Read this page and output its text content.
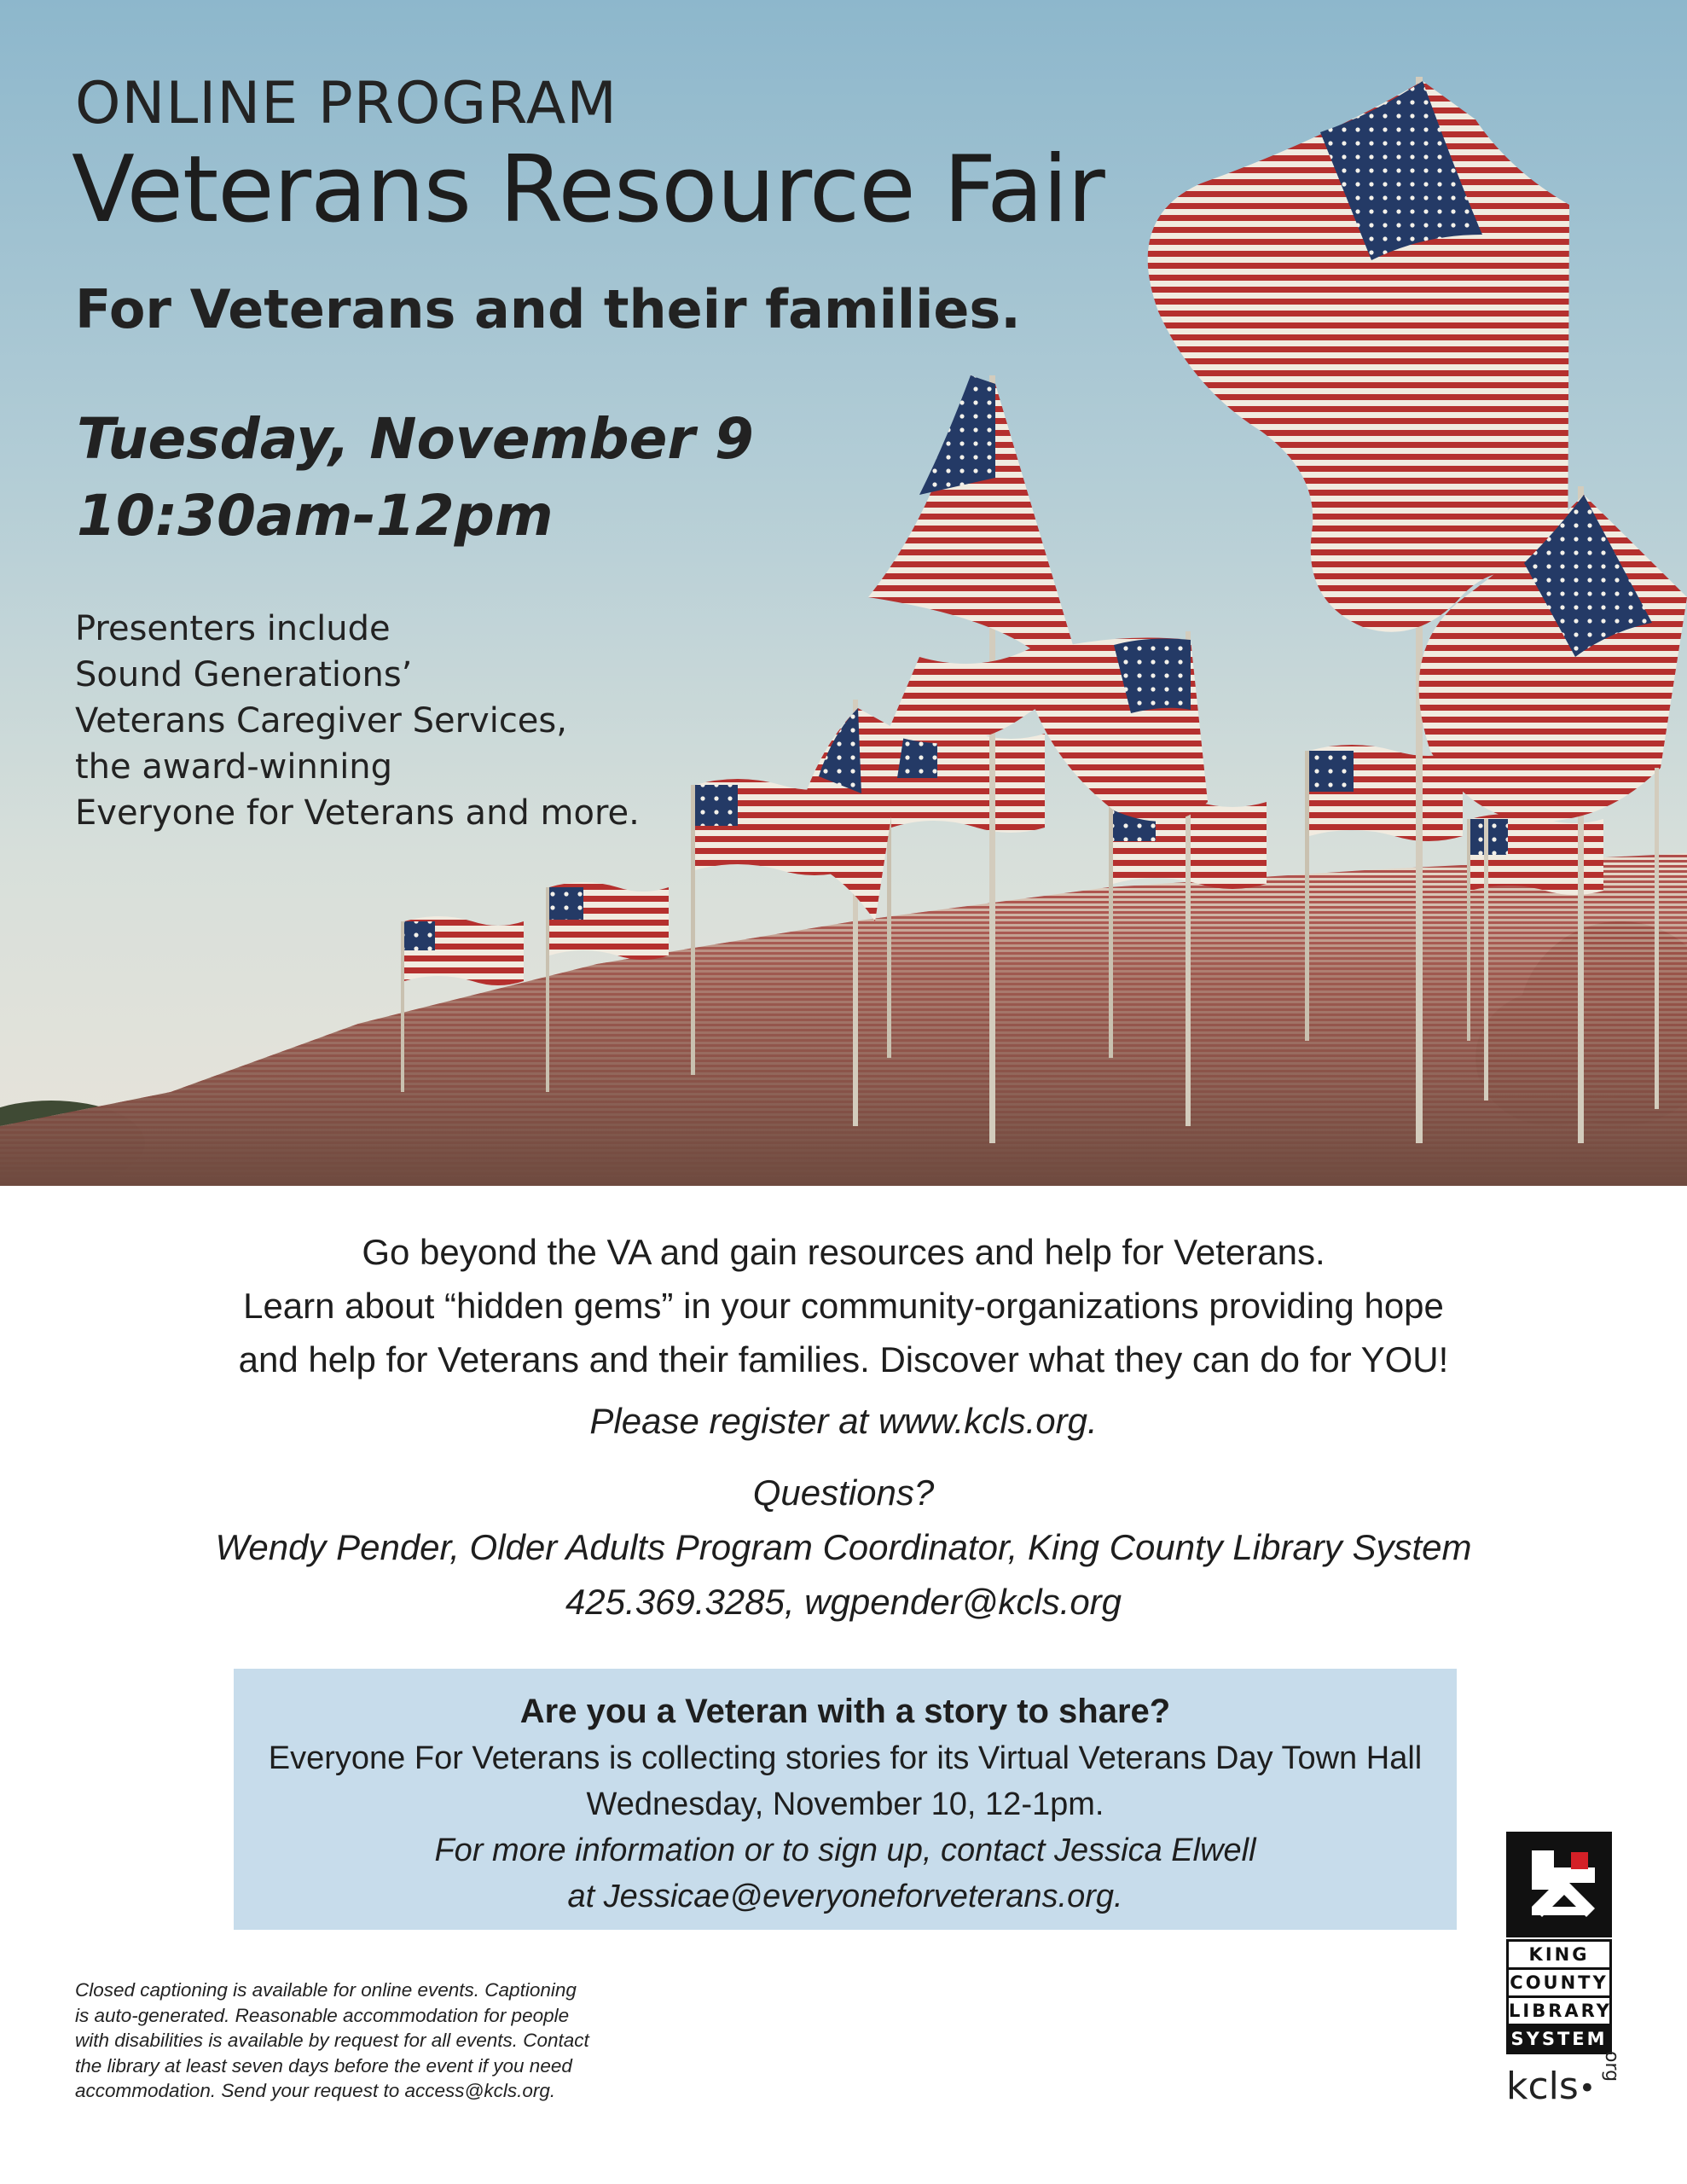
ONLINE PROGRAM
Veterans Resource Fair
For Veterans and their families.

Tuesday, November 9

10:30am-12pm

Presenters include
Sound Generations’
Veterans Caregiver Services,
the award-winning
Everyone for Veterans and more.
Go beyond the VA and gain resources and help for Veterans.
Learn about “hidden gems” in your community-organizations providing hope
and help for Veterans and their families. Discover what they can do for YOU!
Please register at www.kcls.org.
Questions?
Wendy Pender, Older Adults Program Coordinator, King County Library System
425.369.3285, wgpender@kcls.org
Are you a Veteran with a story to share?
Everyone For Veterans is collecting stories for its Virtual Veterans Day Town Hall
Wednesday, November 10, 12-1pm.
For more information or to sign up, contact Jessica Elwell
at Jessicae@everyoneforveterans.org.
Closed captioning is available for online events. Captioning
is auto-generated. Reasonable accommodation for people
with disabilities is available by request for all events. Contact
the library at least seven days before the event if you need
accommodation. Send your request to access@kcls.org.
KING
COUNTY
LIBRARY
SYSTEM
kcls•
org
